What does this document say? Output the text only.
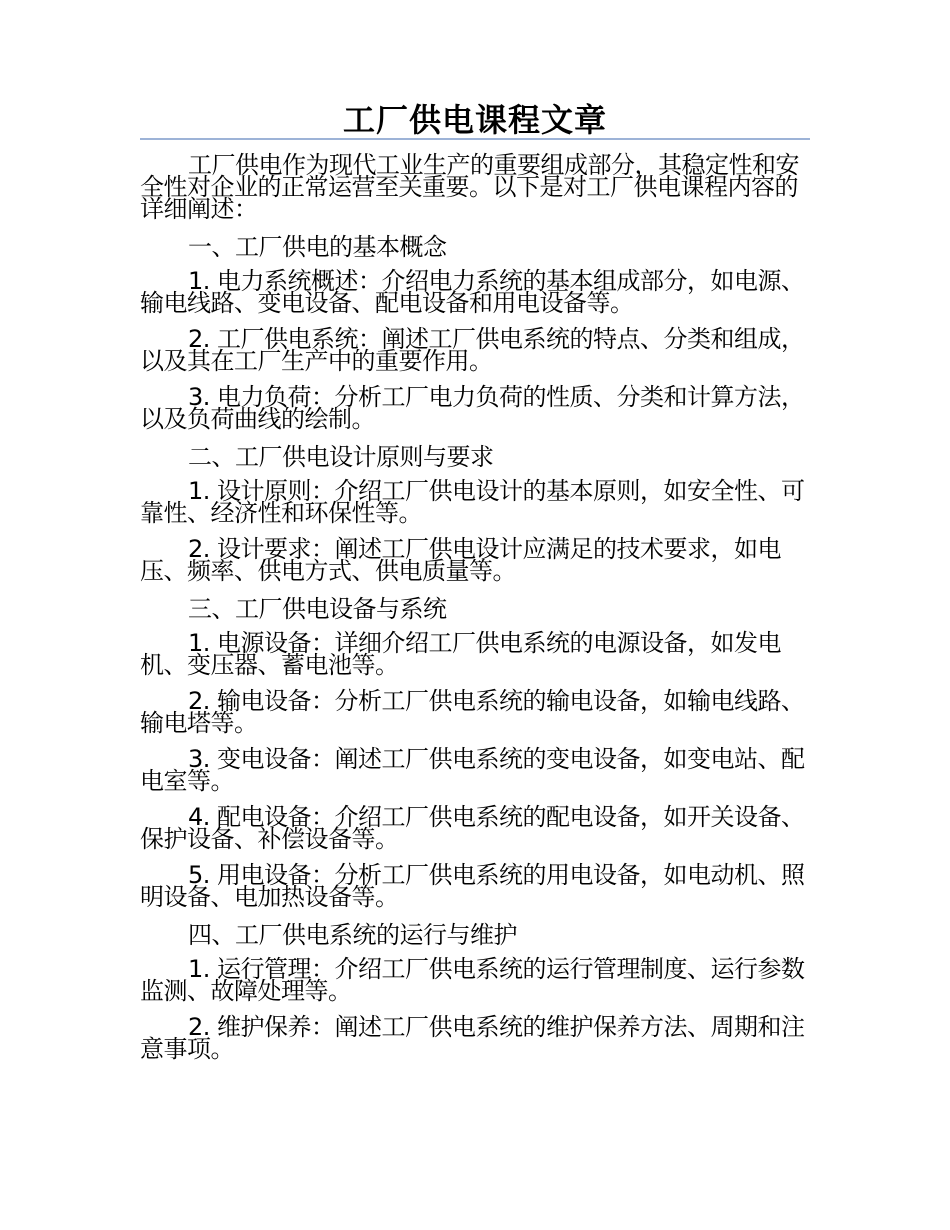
工厂供电课程文章

工厂供电作为现代工业生产的重要组成部分，其稳定性和安全性对企业的正常运营至关重要。以下是对工厂供电课程内容的详细阐述：

一、工厂供电的基本概念

1. 电力系统概述：介绍电力系统的基本组成部分，如电源、输电线路、变电设备、配电设备和用电设备等。

2. 工厂供电系统：阐述工厂供电系统的特点、分类和组成，以及其在工厂生产中的重要作用。

3. 电力负荷：分析工厂电力负荷的性质、分类和计算方法，以及负荷曲线的绘制。

二、工厂供电设计原则与要求

1. 设计原则：介绍工厂供电设计的基本原则，如安全性、可靠性、经济性和环保性等。

2. 设计要求：阐述工厂供电设计应满足的技术要求，如电压、频率、供电方式、供电质量等。

三、工厂供电设备与系统

1. 电源设备：详细介绍工厂供电系统的电源设备，如发电机、变压器、蓄电池等。

2. 输电设备：分析工厂供电系统的输电设备，如输电线路、输电塔等。

3. 变电设备：阐述工厂供电系统的变电设备，如变电站、配电室等。

4. 配电设备：介绍工厂供电系统的配电设备，如开关设备、保护设备、补偿设备等。

5. 用电设备：分析工厂供电系统的用电设备，如电动机、照明设备、电加热设备等。

四、工厂供电系统的运行与维护

1. 运行管理：介绍工厂供电系统的运行管理制度、运行参数监测、故障处理等。

2. 维护保养：阐述工厂供电系统的维护保养方法、周期和注意事项。
